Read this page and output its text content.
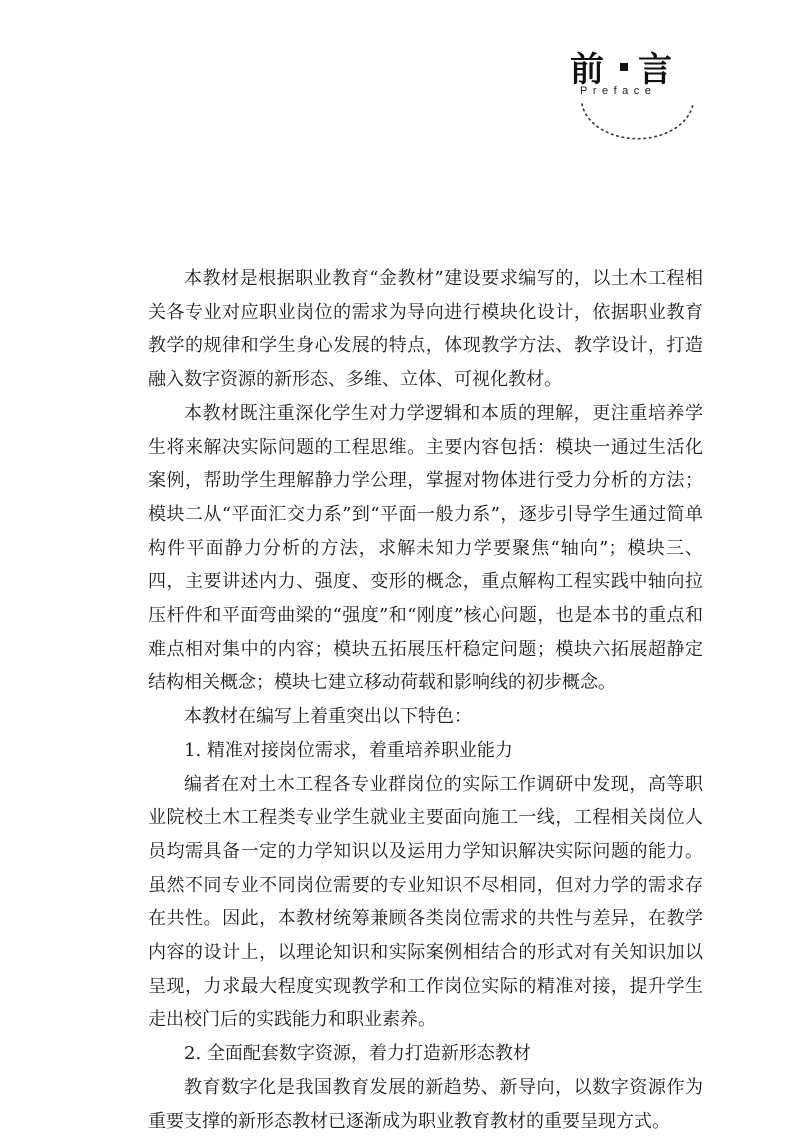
前 言
Preface

本教材是根据职业教育“金教材”建设要求编写的，以土木工程相关各专业对应职业岗位的需求为导向进行模块化设计，依据职业教育教学的规律和学生身心发展的特点，体现教学方法、教学设计，打造融入数字资源的新形态、多维、立体、可视化教材。

本教材既注重深化学生对力学逻辑和本质的理解，更注重培养学生将来解决实际问题的工程思维。主要内容包括：模块一通过生活化案例，帮助学生理解静力学公理，掌握对物体进行受力分析的方法；模块二从“平面汇交力系”到“平面一般力系”，逐步引导学生通过简单构件平面静力分析的方法，求解未知力学要聚焦“轴向”；模块三、四，主要讲述内力、强度、变形的概念，重点解构工程实践中轴向拉压杆件和平面弯曲梁的“强度”和“刚度”核心问题，也是本书的重点和难点相对集中的内容；模块五拓展压杆稳定问题；模块六拓展超静定结构相关概念；模块七建立移动荷载和影响线的初步概念。

本教材在编写上着重突出以下特色：

1. 精准对接岗位需求，着重培养职业能力

编者在对土木工程各专业群岗位的实际工作调研中发现，高等职业院校土木工程类专业学生就业主要面向施工一线，工程相关岗位人员均需具备一定的力学知识以及运用力学知识解决实际问题的能力。虽然不同专业不同岗位需要的专业知识不尽相同，但对力学的需求存在共性。因此，本教材统筹兼顾各类岗位需求的共性与差异，在教学内容的设计上，以理论知识和实际案例相结合的形式对有关知识加以呈现，力求最大程度实现教学和工作岗位实际的精准对接，提升学生走出校门后的实践能力和职业素养。

2. 全面配套数字资源，着力打造新形态教材

教育数字化是我国教育发展的新趋势、新导向，以数字资源作为重要支撑的新形态教材已逐渐成为职业教育教材的重要呈现方式。
